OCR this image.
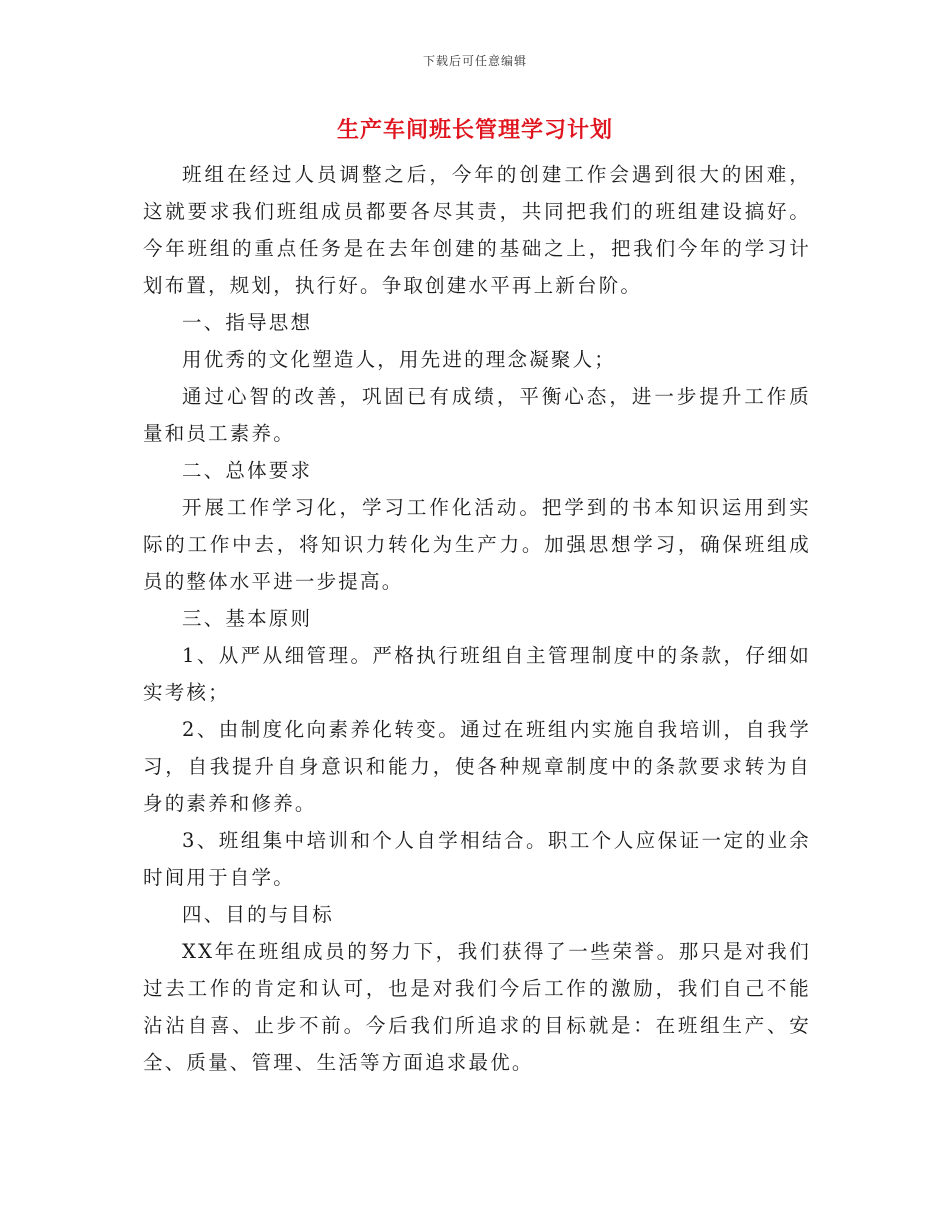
下载后可任意编辑
生产车间班长管理学习计划

班组在经过人员调整之后，今年的创建工作会遇到很大的困难，这就要求我们班组成员都要各尽其责，共同把我们的班组建设搞好。今年班组的重点任务是在去年创建的基础之上，把我们今年的学习计划布置，规划，执行好。争取创建水平再上新台阶。

一、指导思想

用优秀的文化塑造人，用先进的理念凝聚人；

通过心智的改善，巩固已有成绩，平衡心态，进一步提升工作质量和员工素养。

二、总体要求

开展工作学习化，学习工作化活动。把学到的书本知识运用到实际的工作中去，将知识力转化为生产力。加强思想学习，确保班组成员的整体水平进一步提高。

三、基本原则

1、从严从细管理。严格执行班组自主管理制度中的条款，仔细如实考核；

2、由制度化向素养化转变。通过在班组内实施自我培训，自我学习，自我提升自身意识和能力，使各种规章制度中的条款要求转为自身的素养和修养。

3、班组集中培训和个人自学相结合。职工个人应保证一定的业余时间用于自学。

四、目的与目标

XX年在班组成员的努力下，我们获得了一些荣誉。那只是对我们过去工作的肯定和认可，也是对我们今后工作的激励，我们自己不能沾沾自喜、止步不前。今后我们所追求的目标就是：在班组生产、安全、质量、管理、生活等方面追求最优。
